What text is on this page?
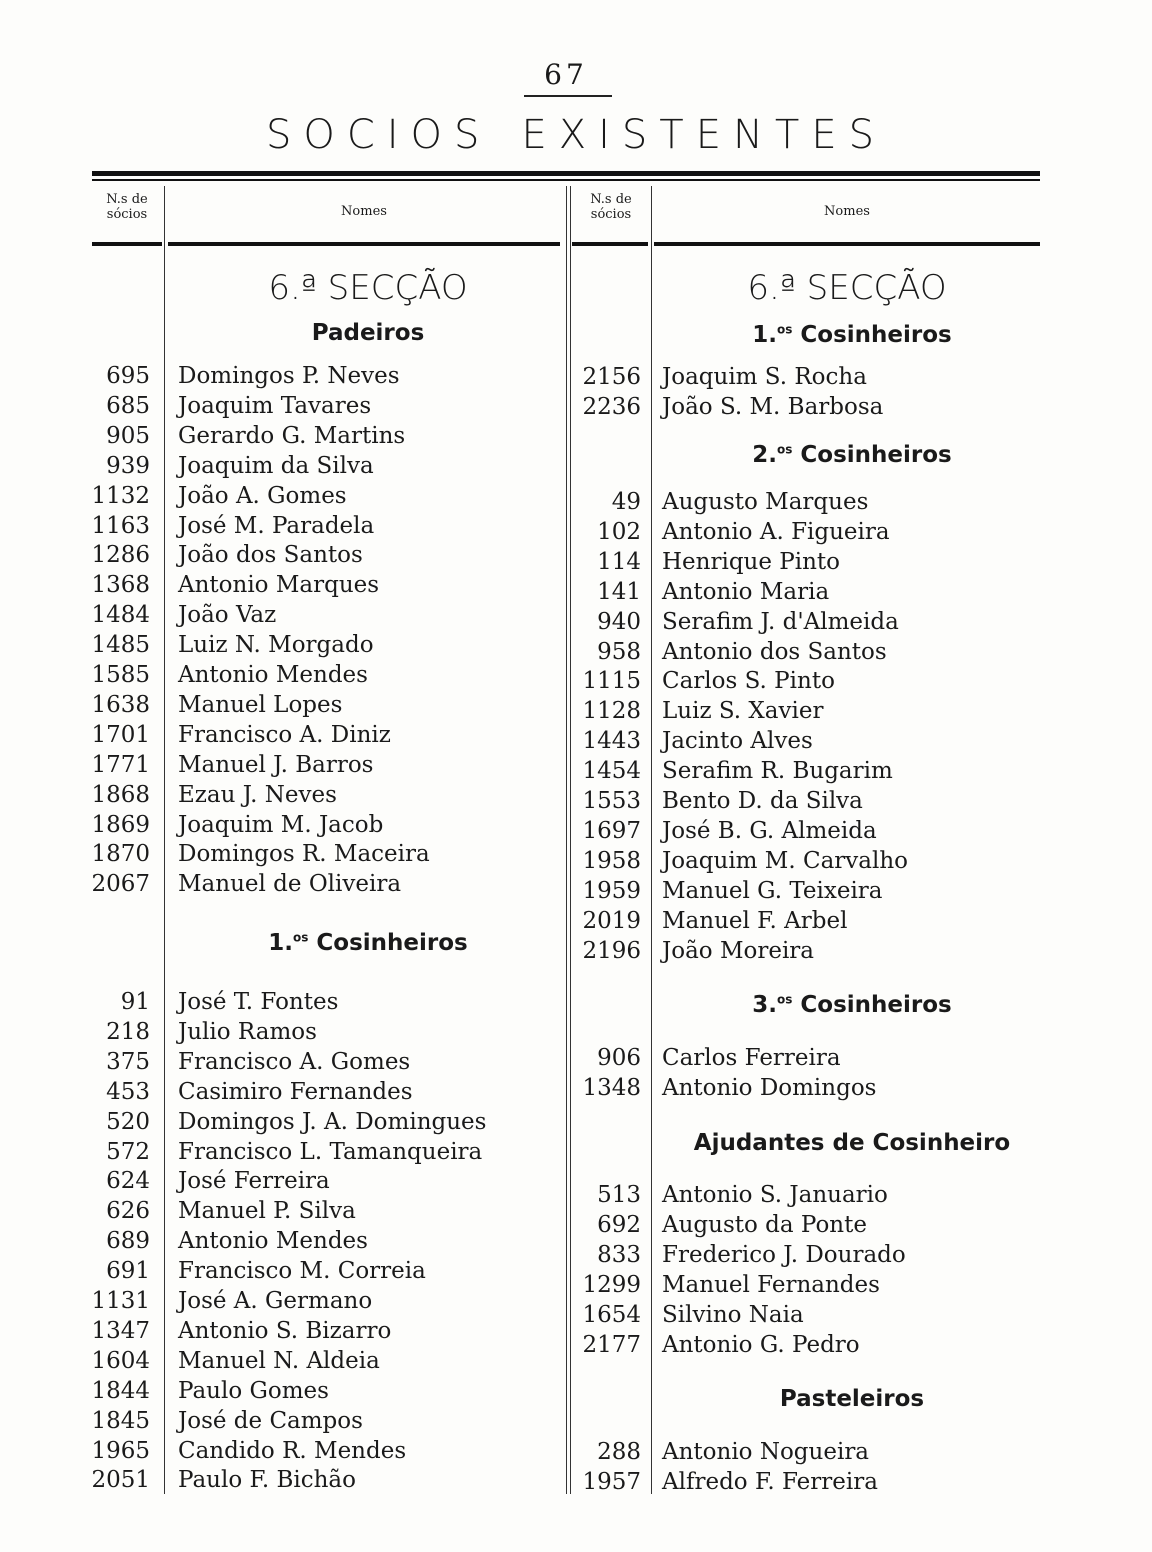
67
SOCIOS EXISTENTES
N.s de sócios	Nomes
N.s de sócios	Nomes
6.ª SECÇÃO
Padeiros
695 Domingos P. Neves
685 Joaquim Tavares
905 Gerardo G. Martins
939 Joaquim da Silva
1132 João A. Gomes
1163 José M. Paradela
1286 João dos Santos
1368 Antonio Marques
1484 João Vaz
1485 Luiz N. Morgado
1585 Antonio Mendes
1638 Manuel Lopes
1701 Francisco A. Diniz
1771 Manuel J. Barros
1868 Ezau J. Neves
1869 Joaquim M. Jacob
1870 Domingos R. Maceira
2067 Manuel de Oliveira
1.$^{os}$ Cosinheiros
91 José T. Fontes
218 Julio Ramos
375 Francisco A. Gomes
453 Casimiro Fernandes
520 Domingos J. A. Domingues
572 Francisco L. Tamanqueira
624 José Ferreira
626 Manuel P. Silva
689 Antonio Mendes
691 Francisco M. Correia
1131 José A. Germano
1347 Antonio S. Bizarro
1604 Manuel N. Aldeia
1844 Paulo Gomes
1845 José de Campos
1965 Candido R. Mendes
2051 Paulo F. Bichão
6.ª SECÇÃO
1.$^{os}$ Cosinheiros
2156 Joaquim S. Rocha
2236 João S. M. Barbosa
2.$^{os}$ Cosinheiros
49 Augusto Marques
102 Antonio A. Figueira
114 Henrique Pinto
141 Antonio Maria
940 Serafim J. d'Almeida
958 Antonio dos Santos
1115 Carlos S. Pinto
1128 Luiz S. Xavier
1443 Jacinto Alves
1454 Serafim R. Bugarim
1553 Bento D. da Silva
1697 José B. G. Almeida
1958 Joaquim M. Carvalho
1959 Manuel G. Teixeira
2019 Manuel F. Arbel
2196 João Moreira
3.$^{os}$ Cosinheiros
906 Carlos Ferreira
1348 Antonio Domingos
Ajudantes de Cosinheiro
513 Antonio S. Januario
692 Augusto da Ponte
833 Frederico J. Dourado
1299 Manuel Fernandes
1654 Silvino Naia
2177 Antonio G. Pedro
Pasteleiros
288 Antonio Nogueira
1957 Alfredo F. Ferreira
